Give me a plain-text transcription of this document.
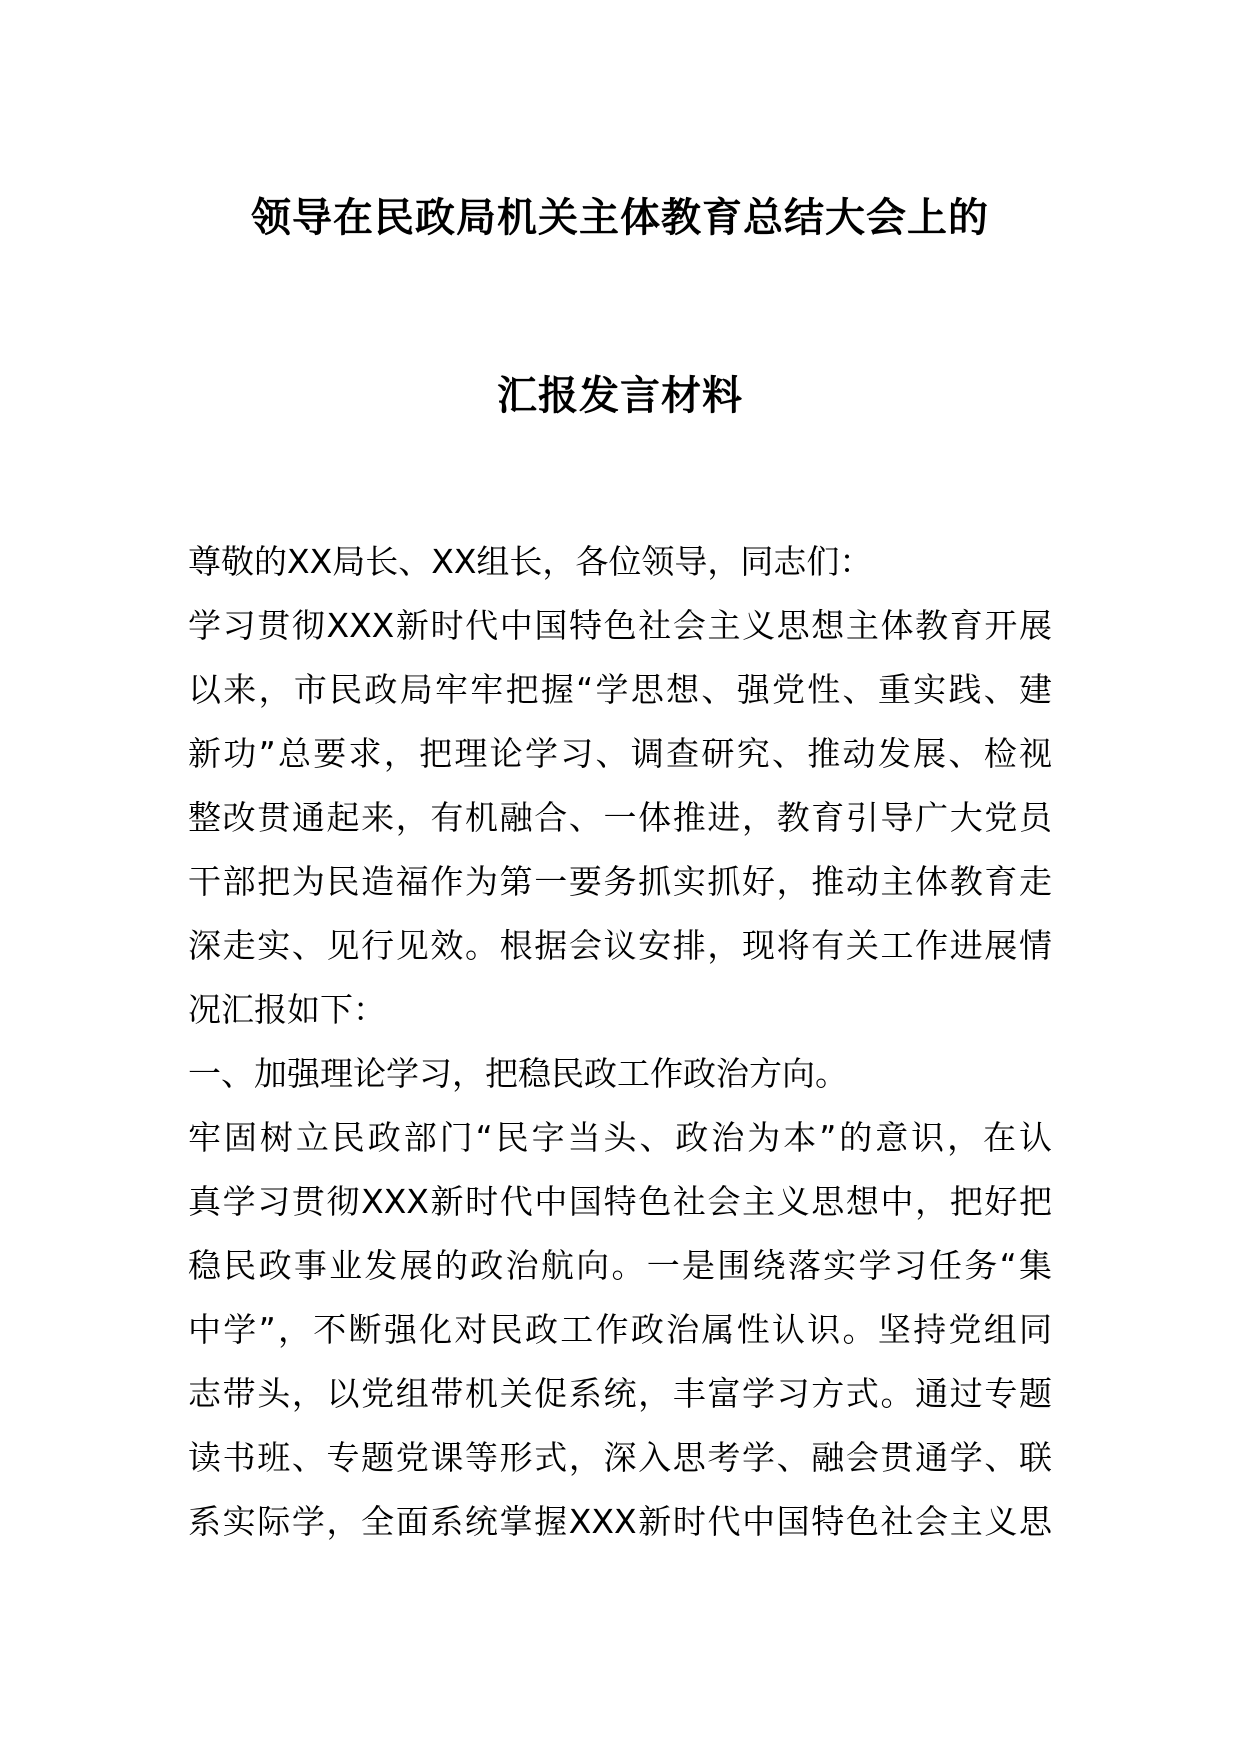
领导在民政局机关主体教育总结大会上的
汇报发言材料
尊敬的XX局长、XX组长，各位领导，同志们：
学习贯彻XXX新时代中国特色社会主义思想主体教育开展
以来，市民政局牢牢把握“学思想、强党性、重实践、建
新功”总要求，把理论学习、调查研究、推动发展、检视
整改贯通起来，有机融合、一体推进，教育引导广大党员
干部把为民造福作为第一要务抓实抓好，推动主体教育走
深走实、见行见效。根据会议安排，现将有关工作进展情
况汇报如下：
一、加强理论学习，把稳民政工作政治方向。
牢固树立民政部门“民字当头、政治为本”的意识，在认
真学习贯彻XXX新时代中国特色社会主义思想中，把好把
稳民政事业发展的政治航向。一是围绕落实学习任务“集
中学”，不断强化对民政工作政治属性认识。坚持党组同
志带头，以党组带机关促系统，丰富学习方式。通过专题
读书班、专题党课等形式，深入思考学、融会贯通学、联
系实际学，全面系统掌握XXX新时代中国特色社会主义思
